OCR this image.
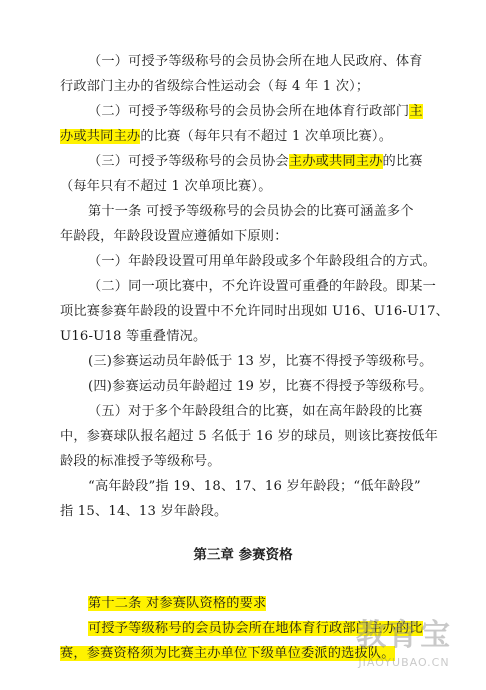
（一）可授予等级称号的会员协会所在地人民政府、体育
行政部门主办的省级综合性运动会（每 4 年 1 次）；
（二）可授予等级称号的会员协会所在地体育行政部门主
办或共同主办的比赛（每年只有不超过 1 次单项比赛）。
（三）可授予等级称号的会员协会主办或共同主办的比赛
（每年只有不超过 1 次单项比赛）。
第十一条 可授予等级称号的会员协会的比赛可涵盖多个
年龄段，年龄段设置应遵循如下原则：
（一）年龄段设置可用单年龄段或多个年龄段组合的方式。
（二）同一项比赛中，不允许设置可重叠的年龄段。即某一
项比赛参赛年龄段的设置中不允许同时出现如 U16、U16-U17、
U16-U18 等重叠情况。
(三)参赛运动员年龄低于 13 岁，比赛不得授予等级称号。
(四)参赛运动员年龄超过 19 岁，比赛不得授予等级称号。
（五）对于多个年龄段组合的比赛，如在高年龄段的比赛
中，参赛球队报名超过 5 名低于 16 岁的球员，则该比赛按低年
龄段的标准授予等级称号。
“高年龄段”指 19、18、17、16 岁年龄段；“低年龄段”
指 15、14、13 岁年龄段。
第三章 参赛资格
第十二条 对参赛队资格的要求
可授予等级称号的会员协会所在地体育行政部门主办的比
赛，参赛资格须为比赛主办单位下级单位委派的选拔队。
教育宝
JIAOYUBAO.CN
